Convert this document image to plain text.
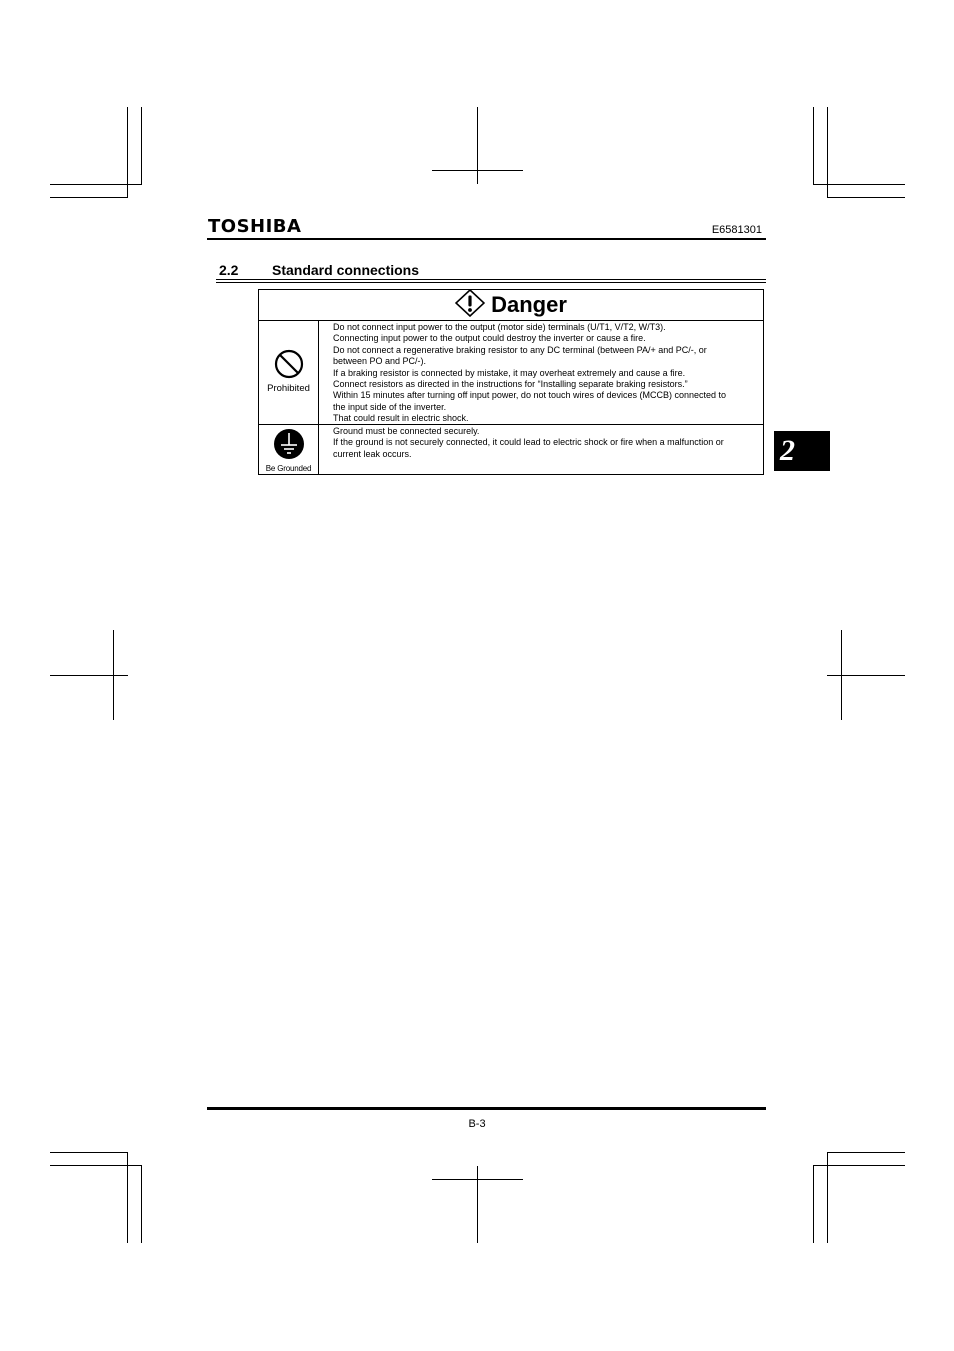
TOSHIBA	E6581301
2.2 Standard connections
Danger
Prohibited

Do not connect input power to the output (motor side) terminals (U/T1, V/T2, W/T3).

Connecting input power to the output could destroy the inverter or cause a fire.

Do not connect a regenerative braking resistor to any DC terminal (between PA/+ and PC/-, or

between PO and PC/-).

If a braking resistor is connected by mistake, it may overheat extremely and cause a fire.

Connect resistors as directed in the instructions for “Installing separate braking resistors.”

Within 15 minutes after turning off input power, do not touch wires of devices (MCCB) connected to

the input side of the inverter.

That could result in electric shock.

Be Grounded

Ground must be connected securely.

If the ground is not securely connected, it could lead to electric shock or fire when a malfunction or

current leak occurs.	2
B-3
